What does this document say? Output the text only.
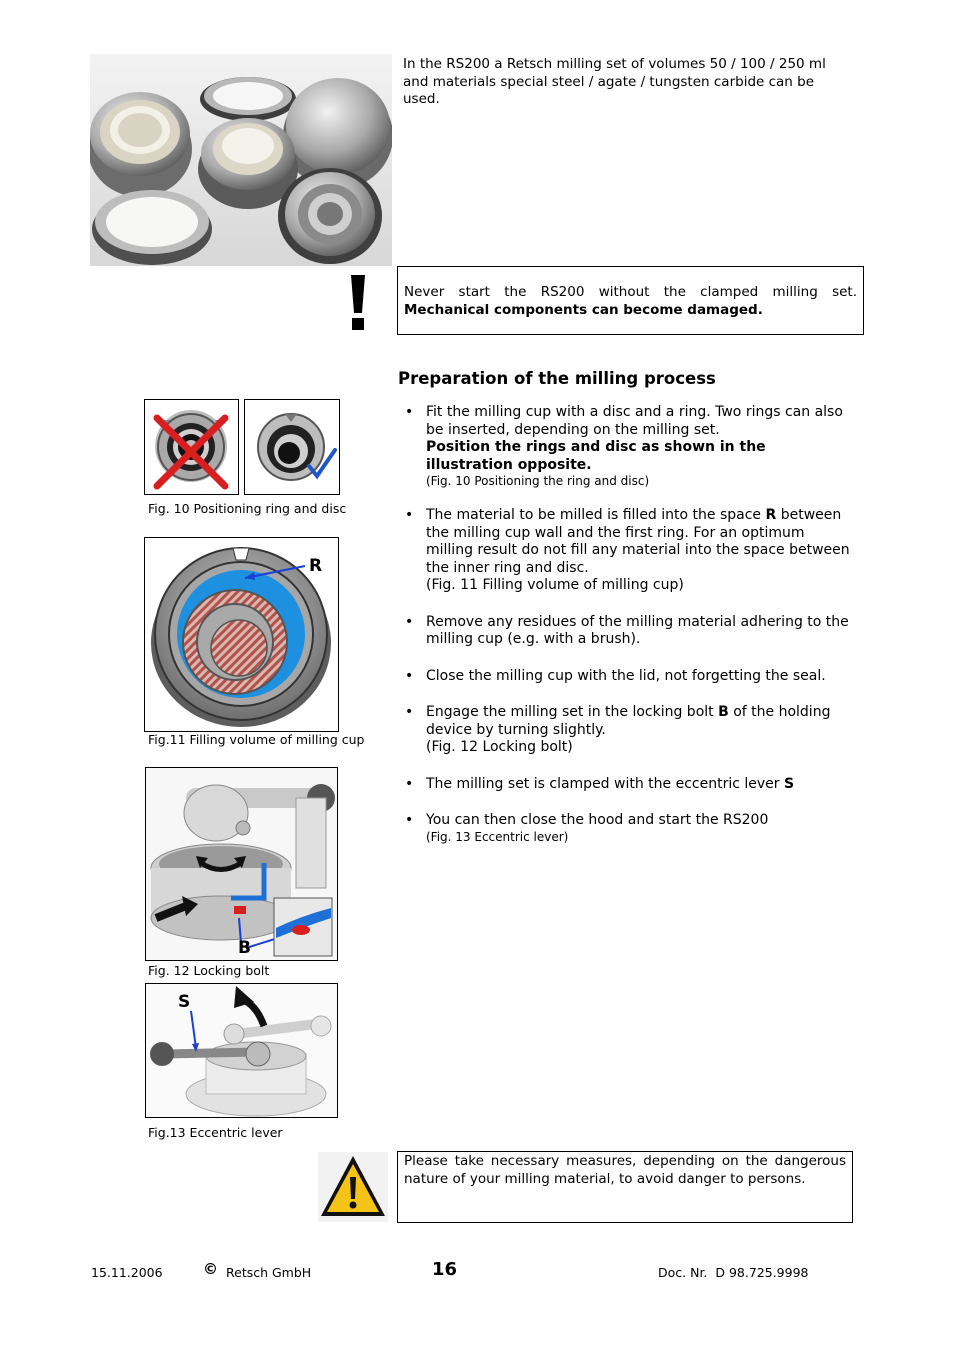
In the RS200 a Retsch milling set of volumes 50 / 100 / 250 ml and materials special steel / agate / tungsten carbide can be used.
Never start the RS200 without the clamped milling set.
Mechanical components can become damaged.
Preparation of the milling process
• Fit the milling cup with a disc and a ring. Two rings can also be inserted, depending on the milling set.
Position the rings and disc as shown in the illustration opposite.
(Fig. 10 Positioning the ring and disc)
• The material to be milled is filled into the space R between the milling cup wall and the first ring. For an optimum milling result do not fill any material into the space between the inner ring and disc.
(Fig. 11 Filling volume of milling cup)
• Remove any residues of the milling material adhering to the milling cup (e.g. with a brush).
• Close the milling cup with the lid, not forgetting the seal.
• Engage the milling set in the locking bolt B of the holding device by turning slightly.
(Fig. 12 Locking bolt)
• The milling set is clamped with the eccentric lever S
• You can then close the hood and start the RS200
(Fig. 13 Eccentric lever)
Fig. 10 Positioning ring and disc
R
Fig.11 Filling volume of milling cup
B
Fig. 12 Locking bolt
S
Fig.13 Eccentric lever
Please take necessary measures, depending on the dangerous nature of your milling material, to avoid danger to persons.
15.11.2006	© Retsch GmbH	16	Doc. Nr.  D 98.725.9998
